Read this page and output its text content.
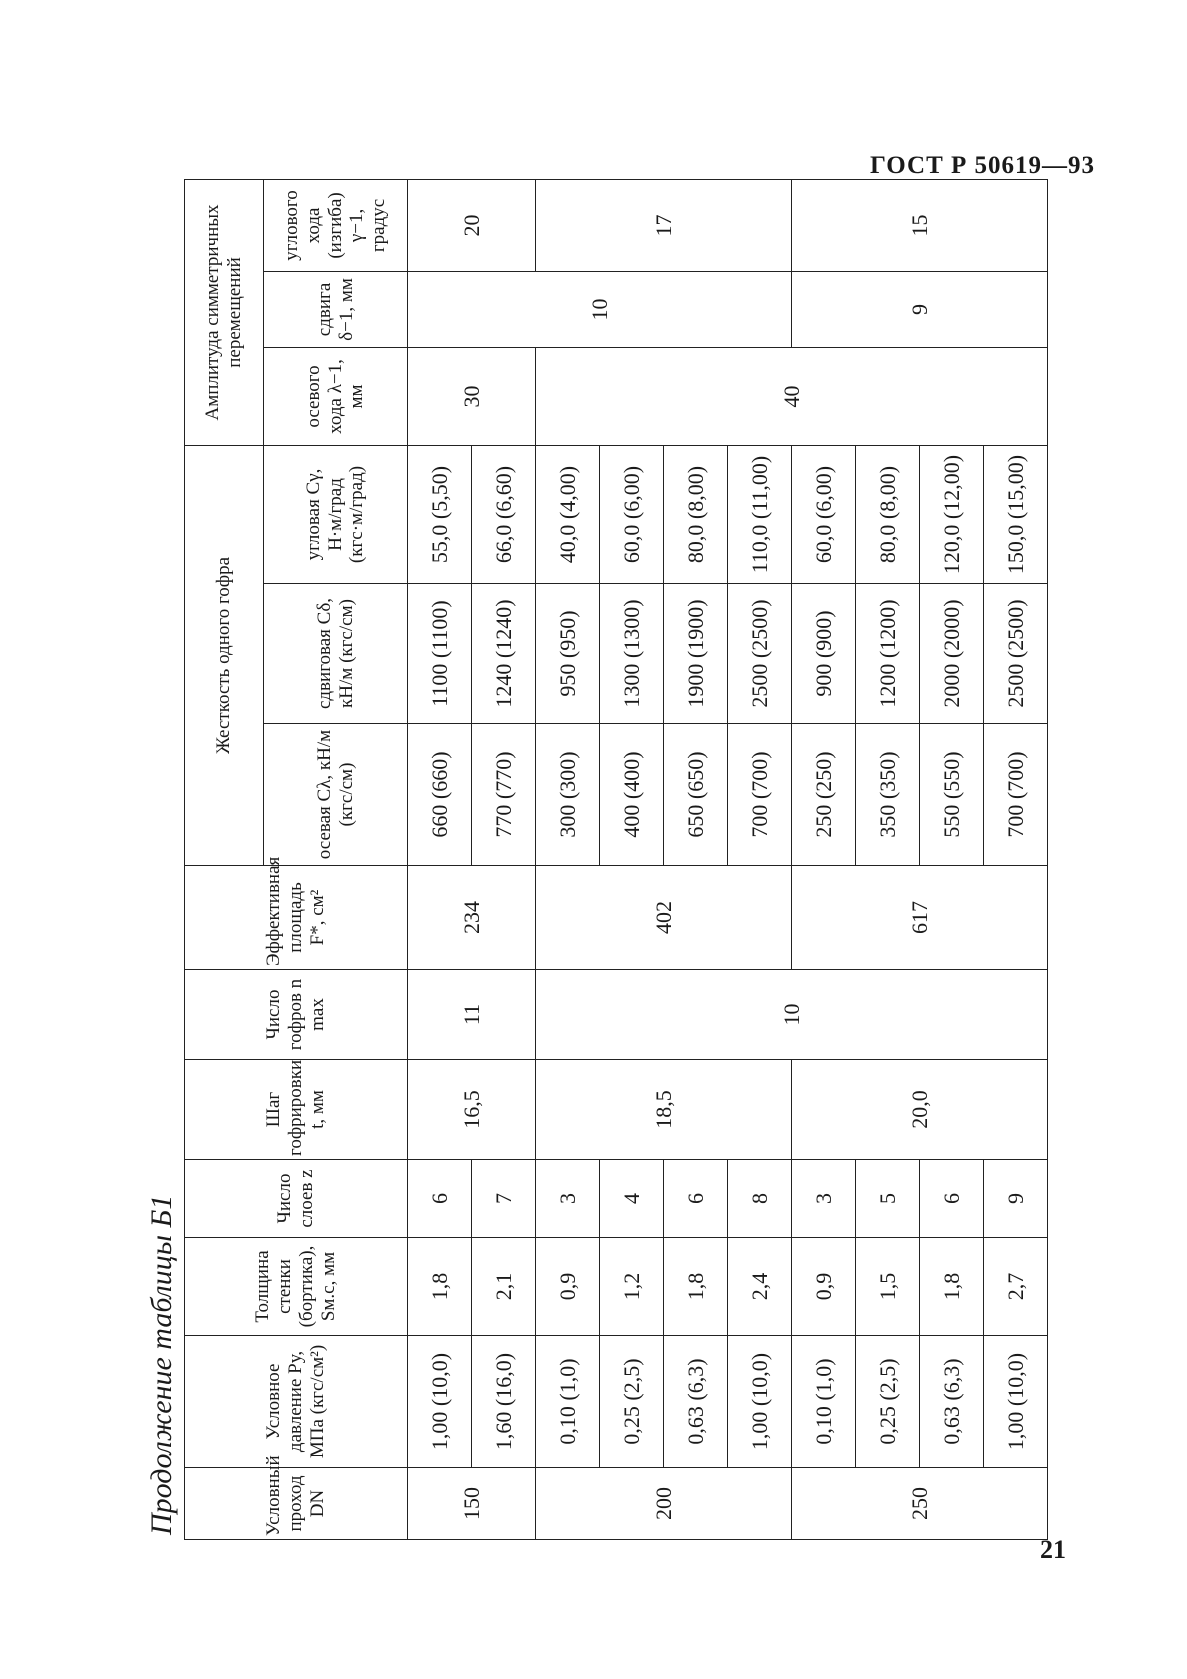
ГОСТ Р 50619—93
21
Продолжение таблицы Б1	Условный проход DN	Условное давление Pу, МПа (кгс/см²)	Толщина стенки (бортика), Sм.с, мм	Число слоев z	Шаг гофрировки t, мм	Число гофров n max	Эффективная площадь F*, см²	Жесткость одного гофра			Амплитуда симметричных перемещений		
							осевая Cλ, кН/м (кгс/см)	сдвиговая Cδ, кН/м (кгс/см)	угловая Cγ, Н·м/град (кгс·м/град)	осевого хода λ−1, мм	сдвига δ−1, мм	углового хода (изгиба) γ−1, градус
150	1,00 (10,0)	1,8	6	16,5	11	234	660 (660)	1100 (1100)	55,0 (5,50)	30	10	20
	1,60 (16,0)	2,1	7				770 (770)	1240 (1240)	66,0 (6,60)			
200	0,10 (1,0)	0,9	3	18,5	10	402	300 (300)	950 (950)	40,0 (4,00)	40		17
	0,25 (2,5)	1,2	4				400 (400)	1300 (1300)	60,0 (6,00)			
	0,63 (6,3)	1,8	6				650 (650)	1900 (1900)	80,0 (8,00)			
	1,00 (10,0)	2,4	8				700 (700)	2500 (2500)	110,0 (11,00)			
250	0,10 (1,0)	0,9	3	20,0		617	250 (250)	900 (900)	60,0 (6,00)		9	15
	0,25 (2,5)	1,5	5				350 (350)	1200 (1200)	80,0 (8,00)			
	0,63 (6,3)	1,8	6				550 (550)	2000 (2000)	120,0 (12,00)			
	1,00 (10,0)	2,7	9				700 (700)	2500 (2500)	150,0 (15,00)			
